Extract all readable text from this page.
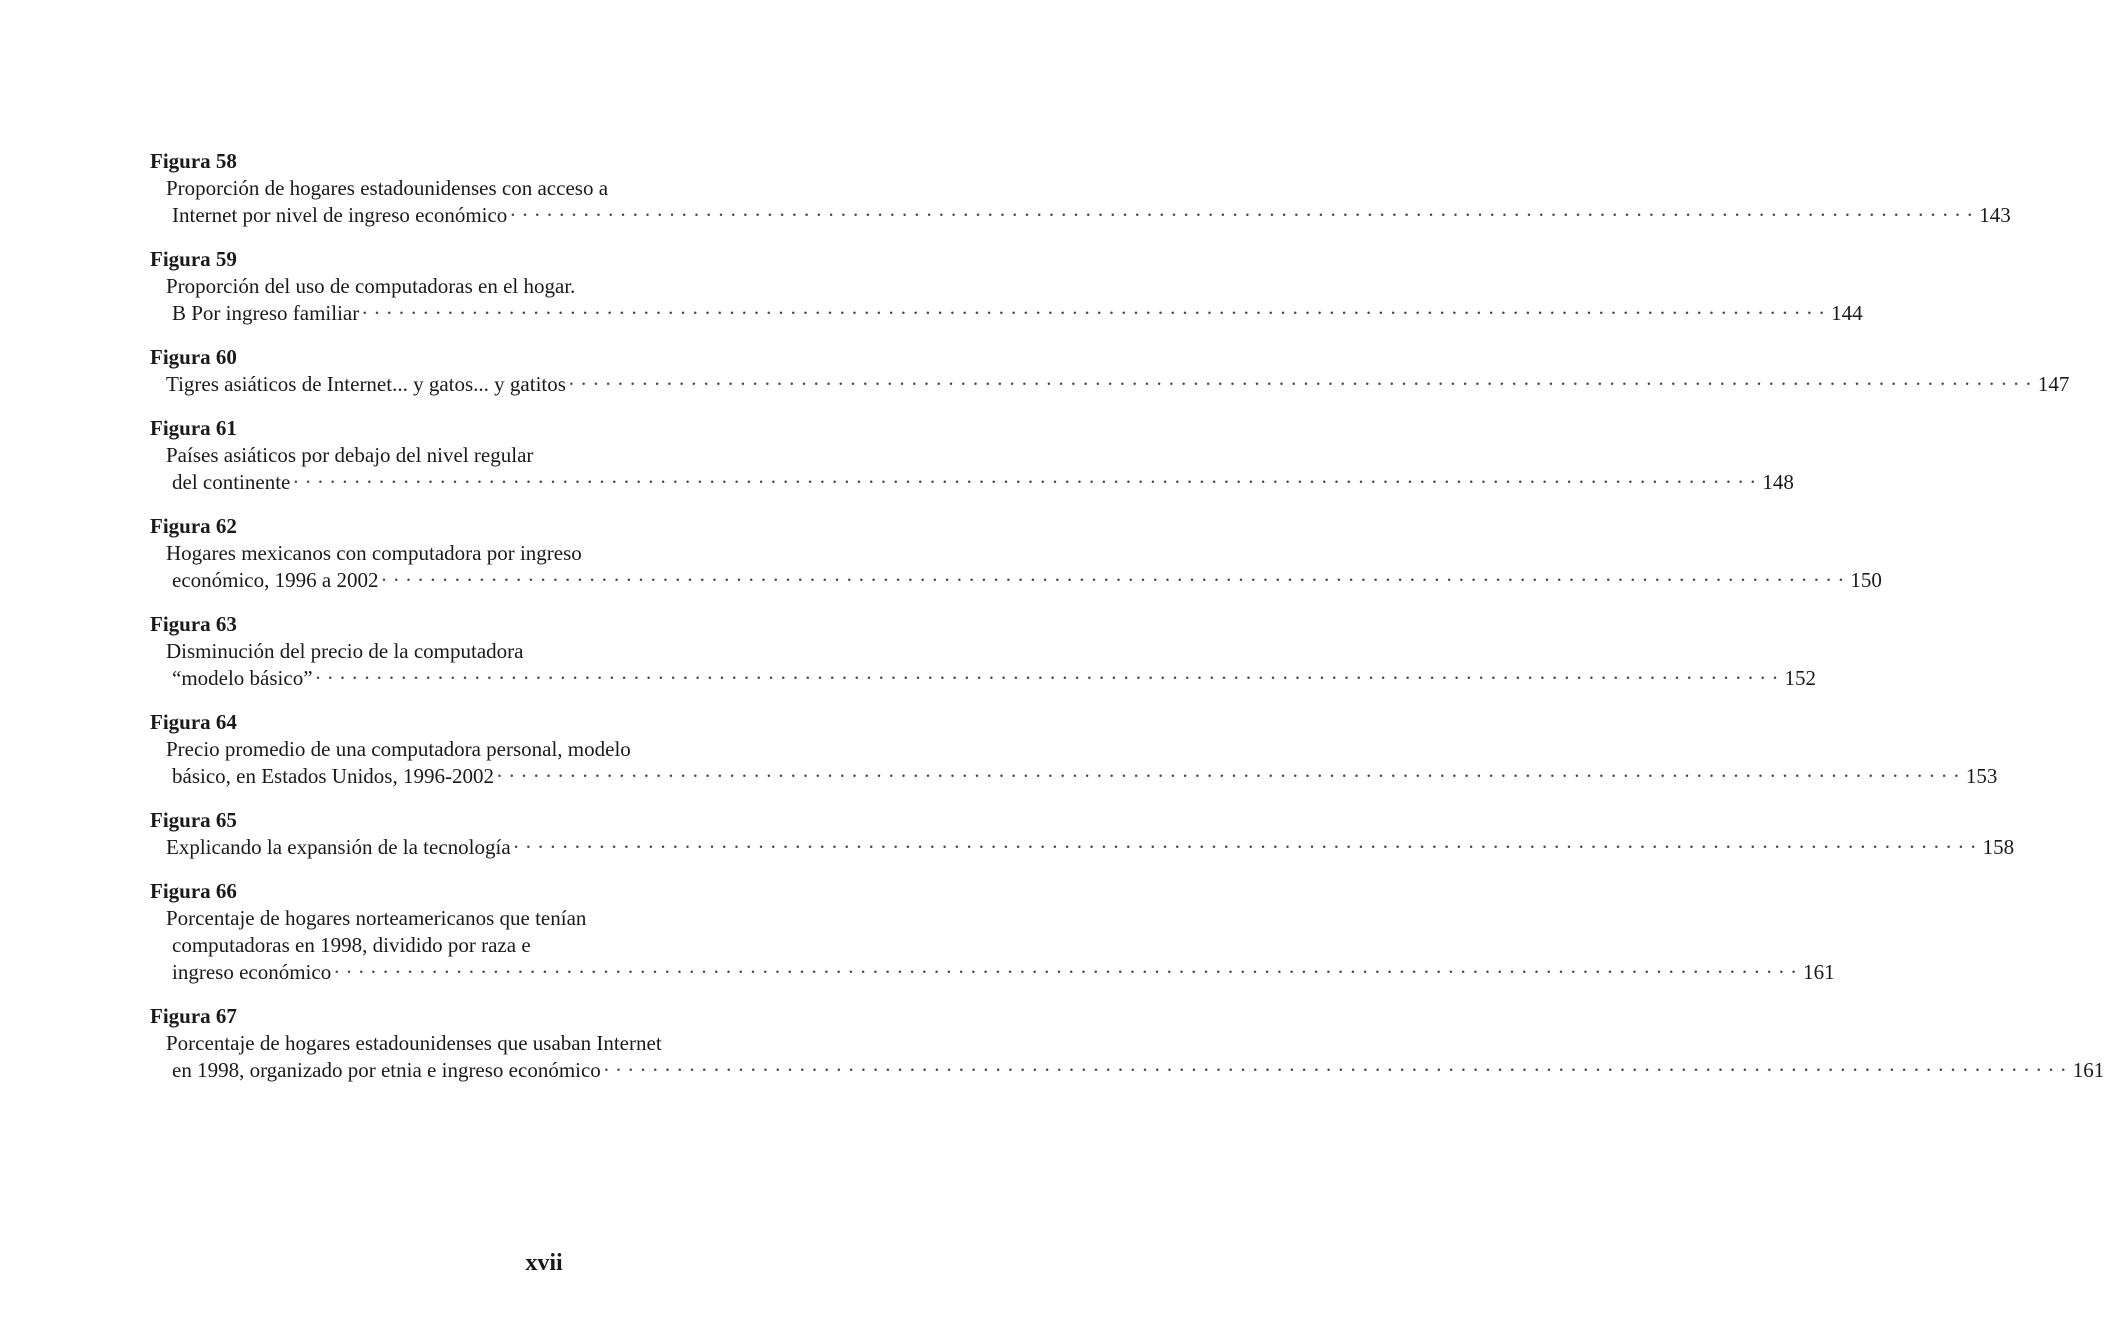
Figura 58
Proporción de hogares estadounidenses con acceso a
Internet por nivel de ingreso económico · · · · · · · · · · · · · · · · · · · · · · · · · · · · · · · · · · · · · · · · · · · · · · · · · · · · · · · · · · · · · · · · · · · · · · · · · · · · · · · · · · · · · · · · · · · · · · · · · · · · · · · · · · · · · · · · · · · · · · · · 143
Figura 59
Proporción del uso de computadoras en el hogar.
B Por ingreso familiar · · · · · · · · · · · · · · · · · · · · · · · · · · · · · · · · · · · · · · · · · · · · · · · · · · · · · · · · · · · · · · · · · · · · · · · · · · · · · · · · · · · · · · · · · · · · · · · · · · · · · · · · · · · · · · · · · · · · · · · · 144
Figura 60
Tigres asiáticos de Internet... y gatos... y gatitos · · · · · · · · · · · · · · · · · · · · · · · · · · · · · · · · · · · · · · · · · · · · · · · · · · · · · · · · · · · · · · · · · · · · · · · · · · · · · · · · · · · · · · · · · · · · · · · · · · · · · · · · · · · · · · · · · · · · · · · · 147
Figura 61
Países asiáticos por debajo del nivel regular
del continente · · · · · · · · · · · · · · · · · · · · · · · · · · · · · · · · · · · · · · · · · · · · · · · · · · · · · · · · · · · · · · · · · · · · · · · · · · · · · · · · · · · · · · · · · · · · · · · · · · · · · · · · · · · · · · · · · · · · · · · · 148
Figura 62
Hogares mexicanos con computadora por ingreso
económico, 1996 a 2002 · · · · · · · · · · · · · · · · · · · · · · · · · · · · · · · · · · · · · · · · · · · · · · · · · · · · · · · · · · · · · · · · · · · · · · · · · · · · · · · · · · · · · · · · · · · · · · · · · · · · · · · · · · · · · · · · · · · · · · · · 150
Figura 63
Disminución del precio de la computadora
“modelo básico” · · · · · · · · · · · · · · · · · · · · · · · · · · · · · · · · · · · · · · · · · · · · · · · · · · · · · · · · · · · · · · · · · · · · · · · · · · · · · · · · · · · · · · · · · · · · · · · · · · · · · · · · · · · · · · · · · · · · · · · · 152
Figura 64
Precio promedio de una computadora personal, modelo
básico, en Estados Unidos, 1996-2002 · · · · · · · · · · · · · · · · · · · · · · · · · · · · · · · · · · · · · · · · · · · · · · · · · · · · · · · · · · · · · · · · · · · · · · · · · · · · · · · · · · · · · · · · · · · · · · · · · · · · · · · · · · · · · · · · · · · · · · · · 153
Figura 65
Explicando la expansión de la tecnología · · · · · · · · · · · · · · · · · · · · · · · · · · · · · · · · · · · · · · · · · · · · · · · · · · · · · · · · · · · · · · · · · · · · · · · · · · · · · · · · · · · · · · · · · · · · · · · · · · · · · · · · · · · · · · · · · · · · · · · · 158
Figura 66
Porcentaje de hogares norteamericanos que tenían
computadoras en 1998, dividido por raza e
ingreso económico · · · · · · · · · · · · · · · · · · · · · · · · · · · · · · · · · · · · · · · · · · · · · · · · · · · · · · · · · · · · · · · · · · · · · · · · · · · · · · · · · · · · · · · · · · · · · · · · · · · · · · · · · · · · · · · · · · · · · · · · 161
Figura 67
Porcentaje de hogares estadounidenses que usaban Internet
en 1998, organizado por etnia e ingreso económico · · · · · · · · · · · · · · · · · · · · · · · · · · · · · · · · · · · · · · · · · · · · · · · · · · · · · · · · · · · · · · · · · · · · · · · · · · · · · · · · · · · · · · · · · · · · · · · · · · · · · · · · · · · · · · · · · · · · · · · · 161
xvii
